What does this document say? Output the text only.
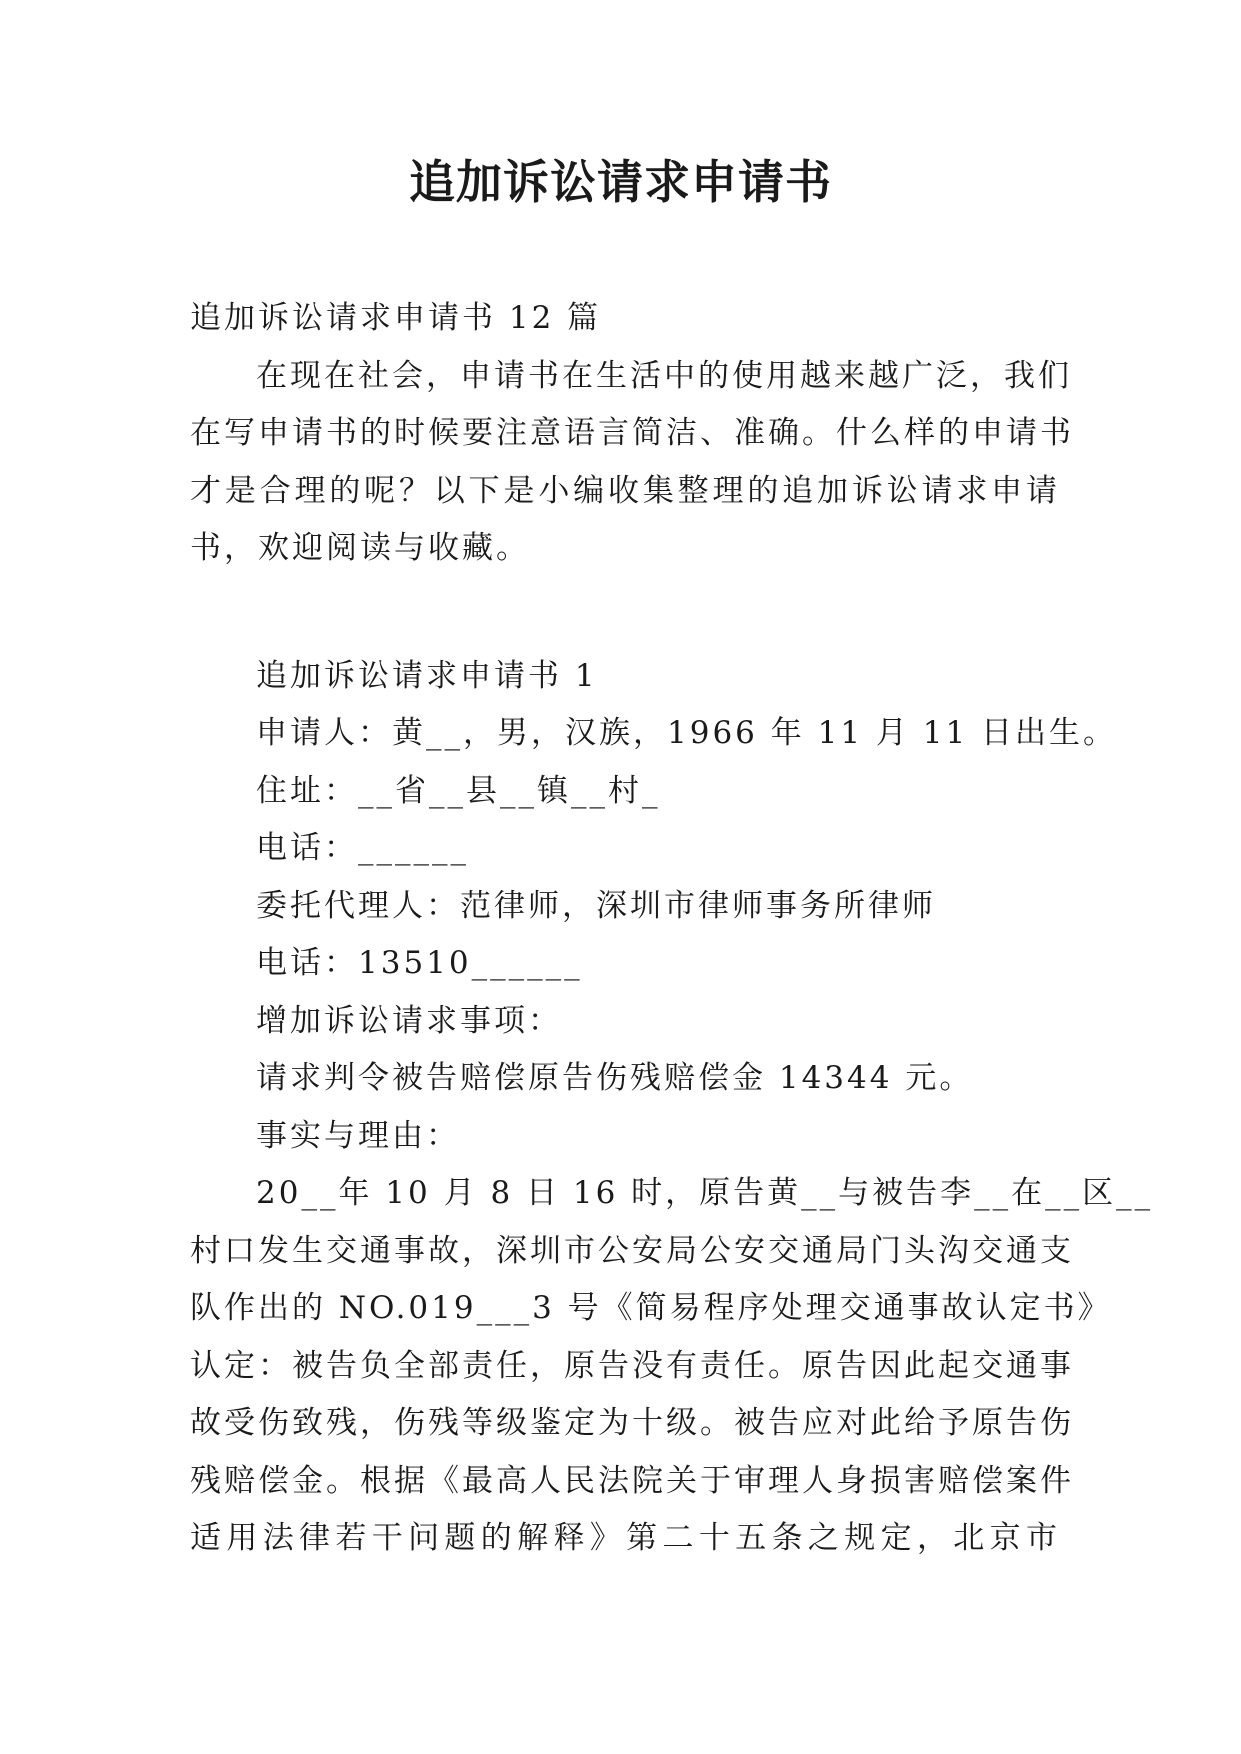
追加诉讼请求申请书
追加诉讼请求申请书 12 篇
在现在社会，申请书在生活中的使用越来越广泛，我们
在写申请书的时候要注意语言简洁、准确。什么样的申请书
才是合理的呢？以下是小编收集整理的追加诉讼请求申请
书，欢迎阅读与收藏。
追加诉讼请求申请书 1
申请人：黄__，男，汉族，1966 年 11 月 11 日出生。
住址：__省__县__镇__村_
电话：______
委托代理人：范律师，深圳市律师事务所律师
电话：13510______
增加诉讼请求事项：
请求判令被告赔偿原告伤残赔偿金 14344 元。
事实与理由：
20__年 10 月 8 日 16 时，原告黄__与被告李__在__区__
村口发生交通事故，深圳市公安局公安交通局门头沟交通支
队作出的 NO.019___3 号《简易程序处理交通事故认定书》
认定：被告负全部责任，原告没有责任。原告因此起交通事
故受伤致残，伤残等级鉴定为十级。被告应对此给予原告伤
残赔偿金。根据《最高人民法院关于审理人身损害赔偿案件
适用法律若干问题的解释》第二十五条之规定，北京市
